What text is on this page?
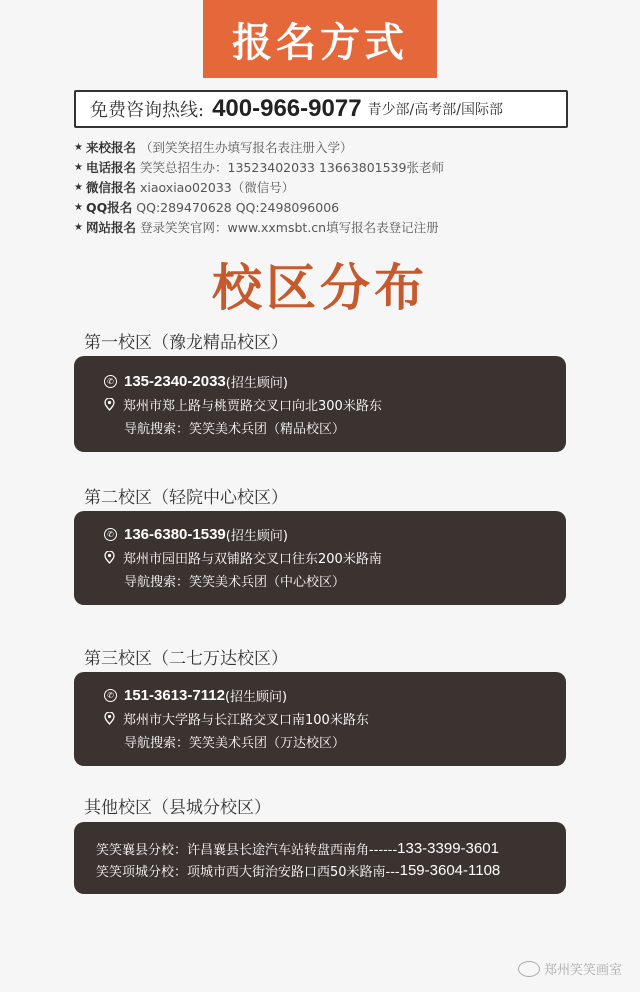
报名方式
免费咨询热线: 400-966-9077 青少部/高考部/国际部
★ 来校报名 （到笑笑招生办填写报名表注册入学）
★ 电话报名 笑笑总招生办：13523402033 13663801539张老师
★ 微信报名 xiaoxiao02033（微信号）
★ QQ报名 QQ:289470628 QQ:2498096006
★ 网站报名 登录笑笑官网：www.xxmsbt.cn填写报名表登记注册
校区分布
第一校区（豫龙精品校区）
✆ 135-2340-2033 (招生顾问)
郑州市郑上路与桃贾路交叉口向北300米路东
导航搜索：笑笑美术兵团（精品校区）
第二校区（轻院中心校区）
✆ 136-6380-1539 (招生顾问)
郑州市园田路与双铺路交叉口往东200米路南
导航搜索：笑笑美术兵团（中心校区）
第三校区（二七万达校区）
✆ 151-3613-7112 (招生顾问)
郑州市大学路与长江路交叉口南100米路东
导航搜索：笑笑美术兵团（万达校区）
其他校区（县城分校区）
笑笑襄县分校：许昌襄县长途汽车站转盘西南角------ 133-3399-3601
笑笑项城分校：项城市西大街治安路口西50米路南--- 159-3604-1108
郑州笑笑画室
